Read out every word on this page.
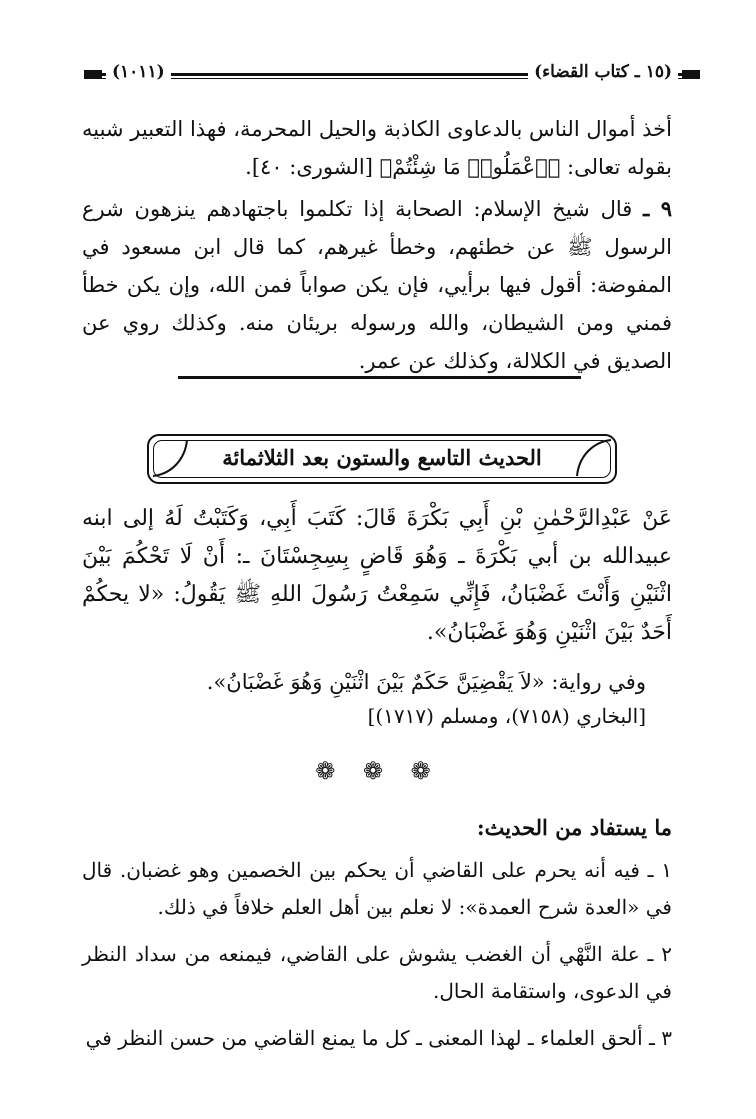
(١٥ ـ كتاب القضاء)
(١٠١١)
أخذ أموال الناس بالدعاوى الكاذبة والحيل المحرمة، فهذا التعبير شبيه بقوله تعالى: ﴿ٱعْمَلُوا۟ مَا شِئْتُمْ﴾ [الشورى: ٤٠].
٩ ـ قال شيخ الإسلام: الصحابة إذا تكلموا باجتهادهم ينزهون شرع الرسول ﷺ عن خطئهم، وخطأ غيرهم، كما قال ابن مسعود في المفوضة: أقول فيها برأيي، فإن يكن صواباً فمن الله، وإن يكن خطأ فمني ومن الشيطان، والله ورسوله بريئان منه. وكذلك روي عن الصديق في الكلالة، وكذلك عن عمر.
الحديث التاسع والستون بعد الثلاثمائة
عَنْ عَبْدِالرَّحْمٰنِ بْنِ أَبِي بَكْرَةَ قَالَ: كَتَبَ أَبِي، وَكَتَبْتُ لَهُ إلى ابنه عبيدالله بن أبي بَكْرَةَ ـ وَهُوَ قَاضٍ بِسِجِسْتَانَ ـ: أَنْ لَا تَحْكُمَ بَيْنَ اثْنَيْنِ وَأَنْتَ غَضْبَانُ، فَإِنِّي سَمِعْتُ رَسُولَ اللهِ ﷺ يَقُولُ: «لا يحكُمْ أَحَدٌ بَيْنَ اثْنَيْنِ وَهُوَ غَضْبَانُ».
وفي رواية: «لاَ يَقْضِيَنَّ حَكَمٌ بَيْنَ اثْنَيْنِ وَهُوَ غَضْبَانُ».
[البخاري (٧١٥٨)، ومسلم (١٧١٧)]
❁ ❁ ❁
ما يستفاد من الحديث:
١ ـ فيه أنه يحرم على القاضي أن يحكم بين الخصمين وهو غضبان. قال في «العدة شرح العمدة»: لا نعلم بين أهل العلم خلافاً في ذلك.
٢ ـ علة النَّهْي أن الغضب يشوش على القاضي، فيمنعه من سداد النظر في الدعوى، واستقامة الحال.
٣ ـ ألحق العلماء ـ لهذا المعنى ـ كل ما يمنع القاضي من حسن النظر في
